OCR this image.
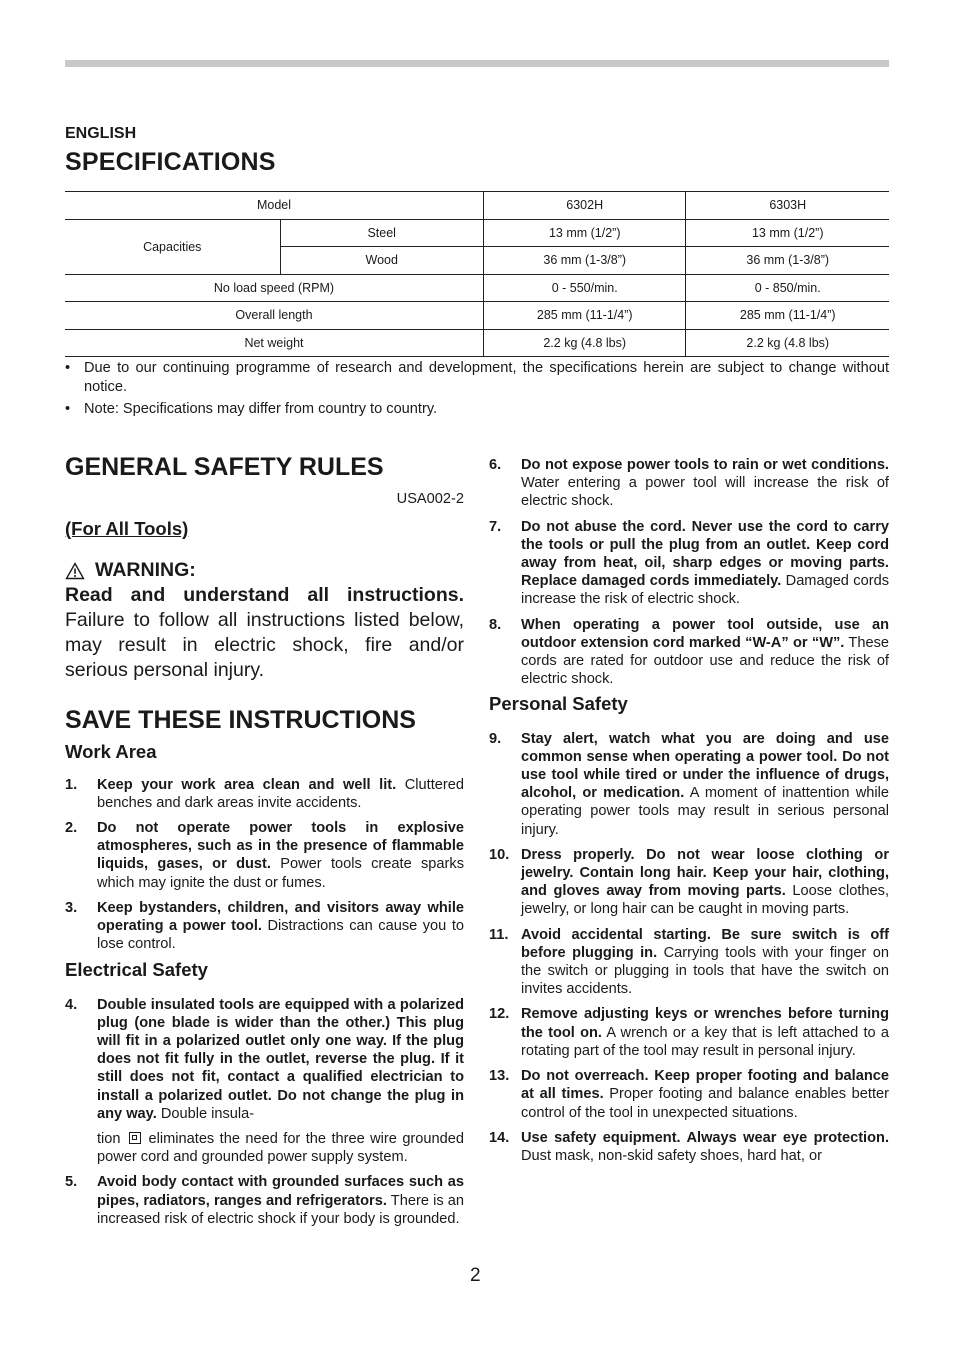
ENGLISH
SPECIFICATIONS
Model		6302H	6303H
Capacities	Steel	13 mm (1/2”)	13 mm (1/2”)
	Wood	36 mm (1-3/8”)	36 mm (1-3/8”)
No load speed (RPM)		0 - 550/min.	0 - 850/min.
Overall length		285 mm (11-1/4”)	285 mm (11-1/4”)
Net weight		2.2 kg (4.8 lbs)	2.2 kg (4.8 lbs)
• Due to our continuing programme of research and development, the specifications herein are subject to change without notice.
• Note: Specifications may differ from country to country.
GENERAL SAFETY RULES
USA002-2
(For All Tools)
WARNING:
Read and understand all instructions. Failure to follow all instructions listed below, may result in electric shock, fire and/or serious personal injury.
SAVE THESE INSTRUCTIONS
Work Area
1. Keep your work area clean and well lit. Cluttered benches and dark areas invite accidents.

2. Do not operate power tools in explosive atmospheres, such as in the presence of flammable liquids, gases, or dust. Power tools create sparks which may ignite the dust or fumes.

3. Keep bystanders, children, and visitors away while operating a power tool. Distractions can cause you to lose control.

Electrical Safety
4. Double insulated tools are equipped with a polarized plug (one blade is wider than the other.) This plug will fit in a polarized outlet only one way. If the plug does not fit fully in the outlet, reverse the plug. If it still does not fit, contact a qualified electrician to install a polarized outlet. Do not change the plug in any way. Double insula-

tion eliminates the need for the three wire grounded power cord and grounded power supply system.

5. Avoid body contact with grounded surfaces such as pipes, radiators, ranges and refrigerators. There is an increased risk of electric shock if your body is grounded.

6. Do not expose power tools to rain or wet conditions. Water entering a power tool will increase the risk of electric shock.

7. Do not abuse the cord. Never use the cord to carry the tools or pull the plug from an outlet. Keep cord away from heat, oil, sharp edges or moving parts. Replace damaged cords immediately. Damaged cords increase the risk of electric shock.

8. When operating a power tool outside, use an outdoor extension cord marked “W-A” or “W”. These cords are rated for outdoor use and reduce the risk of electric shock.

Personal Safety
9. Stay alert, watch what you are doing and use common sense when operating a power tool. Do not use tool while tired or under the influence of drugs, alcohol, or medication. A moment of inattention while operating power tools may result in serious personal injury.

10. Dress properly. Do not wear loose clothing or jewelry. Contain long hair. Keep your hair, clothing, and gloves away from moving parts. Loose clothes, jewelry, or long hair can be caught in moving parts.

11. Avoid accidental starting. Be sure switch is off before plugging in. Carrying tools with your finger on the switch or plugging in tools that have the switch on invites accidents.

12. Remove adjusting keys or wrenches before turning the tool on. A wrench or a key that is left attached to a rotating part of the tool may result in personal injury.

13. Do not overreach. Keep proper footing and balance at all times. Proper footing and balance enables better control of the tool in unexpected situations.

14. Use safety equipment. Always wear eye protection. Dust mask, non-skid safety shoes, hard hat, or

2
